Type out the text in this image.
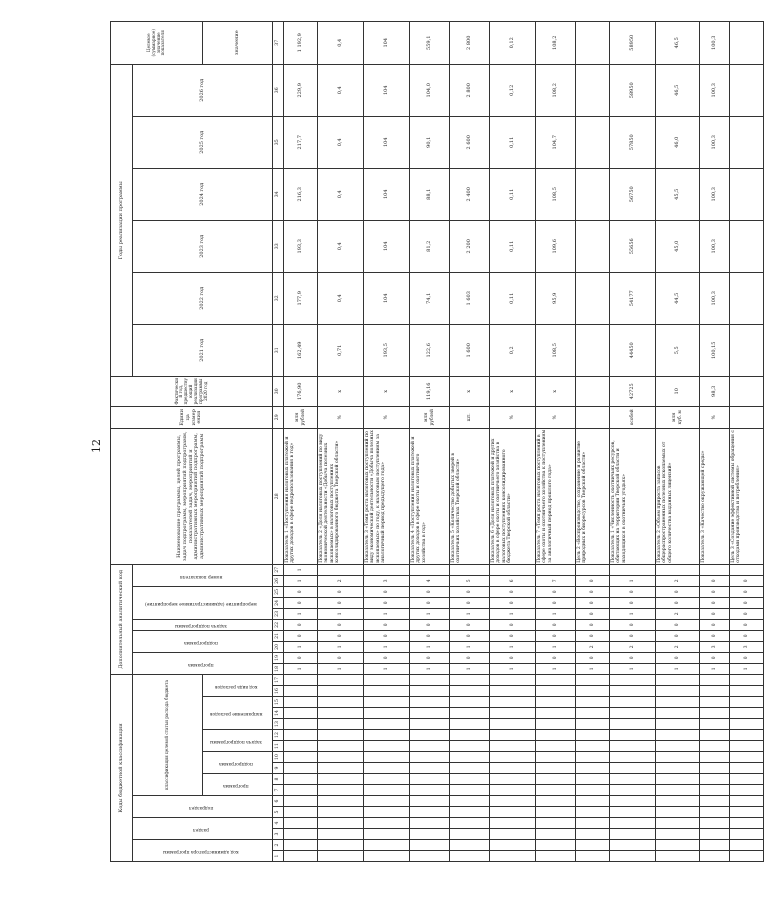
12
Коды бюджетной классификации																	Дополнительный аналитический код										Наименование программы, целей программы, задач подпрограмм, мероприятий подпрограмм, показателей задач, мероприятий и административных мероприятий подпрограмм, административных мероприятий подпрограмм	Единица измерения	Фактический год, предшествующий реализации программы 2020 год	Годы реализации программы						Целевое (суммарное) значение показателя
код администратора программы		раздел		подраздел		классификация целевой статьи расхода бюджета											программа		подпрограмма		задача подпрограммы	мероприятие (административное мероприятие)			номер показателя					2021 год	2022 год	2023 год	2024 год	2025 год	2026 год	
						программа		подпрограмма		задача подпрограммы		направление расходов			код вида расходов																					значение
1	2	3	4	5	6	7	8	9	10	11	12	13	14	15	16	17	18	19	20	21	22	23	24	25	26	27	28	29	30	31	32	33	34	35	36	37
																	1	0	1	0	0	1	0	0	1	1	Показатель 1 «Поступления налоговых платежей и других доходов в сфере недропользования в год»	млн рублей	176,90	162,49	177,9	193,3	216,3	217,7	229,9	1 192,9
																	1	0	1	0	0	1	0	0	2		Показатель 2 «Доля налоговых поступлений по виду экономической деятельности «Добыча полезных ископаемых» в налоговых поступлениях консолидированного бюджета Тверской области»	%	х	0,71	0,4	0,4	0,4	0,4	0,4	0,4
																	1	0	1	0	0	1	0	0	3		Показатель 3 «Темп роста налоговых поступлений по виду экономической деятельности «Добыча полезных ископаемых» по году, к налоговым поступлениям за аналогичный период предыдущего года»	%	х	193,5	104	104	104	104	104	104
																	1	0	1	0	0	1	0	0	4		Показатель 4 «Поступления налоговых платежей и других доходов в сфере охоты и охотничьего хозяйства в год»	млн рублей	119,16	122,6	74,1	81,2	88,1	90,1	104,0	559,1
																	1	0	1	0	0	1	0	0	5		Показатель 5 «Количество добытых зверей в охотничьих хозяйствах Тверской области»	шт.	х	1 600	1 603	2 200	2 400	2 600	2 800	2 800
																	1	0	1	0	0	1	0	0	6		Показатель 6 «Доля налоговых платежей и других доходов в сфере охоты и охотничьего хозяйства в налоговых поступлениях консолидированного бюджета Тверской области»	%	х	0,2	0,11	0,11	0,11	0,11	0,12	0,12
																	1	0	1	0	0	1	0	0	7		Показатель 7 «Темп роста налоговых поступлений в сфере охоты и охотничьего хозяйства к поступлениям за аналогичный период прошлого года»	%	х	108,5	95,9	109,6	108,5	104,7	108,2	108,2
																	1	0	2	0	0	0	0	0	0		Цель 2 «Воспроизводство, сохранение и развитие природных и биоресурсов Тверской области»									
																	1	0	2	0	0	1	0	0	1		Показатель 1 «Численность охотничьих ресурсов, обитающих на территории Тверской области и находящихся в охотничьих угодьях»	особей	42725	44450	54177	55656	56750	57850	58950	58950
																	1	0	2	0	0	2	0	0	2		Показатель 2 «Объем прироста запасов общераспространенных полезных ископаемых от общего количества выданных лицензий»	млн куб. м	10	5,5	44,5	45,0	45,5	46,0	46,5	46,5
																	1	0	3	0	0	0	0	0	0		Показатель 3 «Качество окружающей среды»	%	98,3	100,15	100,3	100,3	100,3	100,3	100,3	100,3
																	1	0	3	0	0	0	0	0	0		Цель 3 «Создание эффективной системы обращения с отходами производства и потребления»									
